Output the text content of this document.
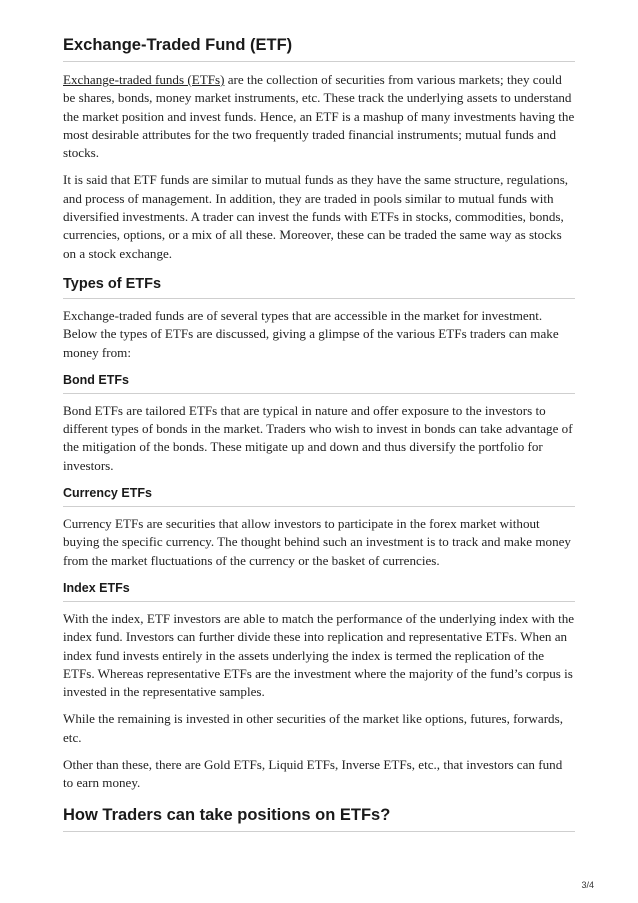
Exchange-Traded Fund (ETF)

Exchange-traded funds (ETFs) are the collection of securities from various markets; they could be shares, bonds, money market instruments, etc. These track the underlying assets to understand the market position and invest funds. Hence, an ETF is a mashup of many investments having the most desirable attributes for the two frequently traded financial instruments; mutual funds and stocks.

It is said that ETF funds are similar to mutual funds as they have the same structure, regulations, and process of management. In addition, they are traded in pools similar to mutual funds with diversified investments. A trader can invest the funds with ETFs in stocks, commodities, bonds, currencies, options, or a mix of all these. Moreover, these can be traded the same way as stocks on a stock exchange.

Types of ETFs

Exchange-traded funds are of several types that are accessible in the market for investment. Below the types of ETFs are discussed, giving a glimpse of the various ETFs traders can make money from:

Bond ETFs

Bond ETFs are tailored ETFs that are typical in nature and offer exposure to the investors to different types of bonds in the market. Traders who wish to invest in bonds can take advantage of the mitigation of the bonds. These mitigate up and down and thus diversify the portfolio for investors.

Currency ETFs

Currency ETFs are securities that allow investors to participate in the forex market without buying the specific currency. The thought behind such an investment is to track and make money from the market fluctuations of the currency or the basket of currencies.

Index ETFs

With the index, ETF investors are able to match the performance of the underlying index with the index fund. Investors can further divide these into replication and representative ETFs. When an index fund invests entirely in the assets underlying the index is termed the replication of the ETFs. Whereas representative ETFs are the investment where the majority of the fund’s corpus is invested in the representative samples.

While the remaining is invested in other securities of the market like options, futures, forwards, etc.

Other than these, there are Gold ETFs, Liquid ETFs, Inverse ETFs, etc., that investors can fund to earn money.

How Traders can take positions on ETFs?
3/4
